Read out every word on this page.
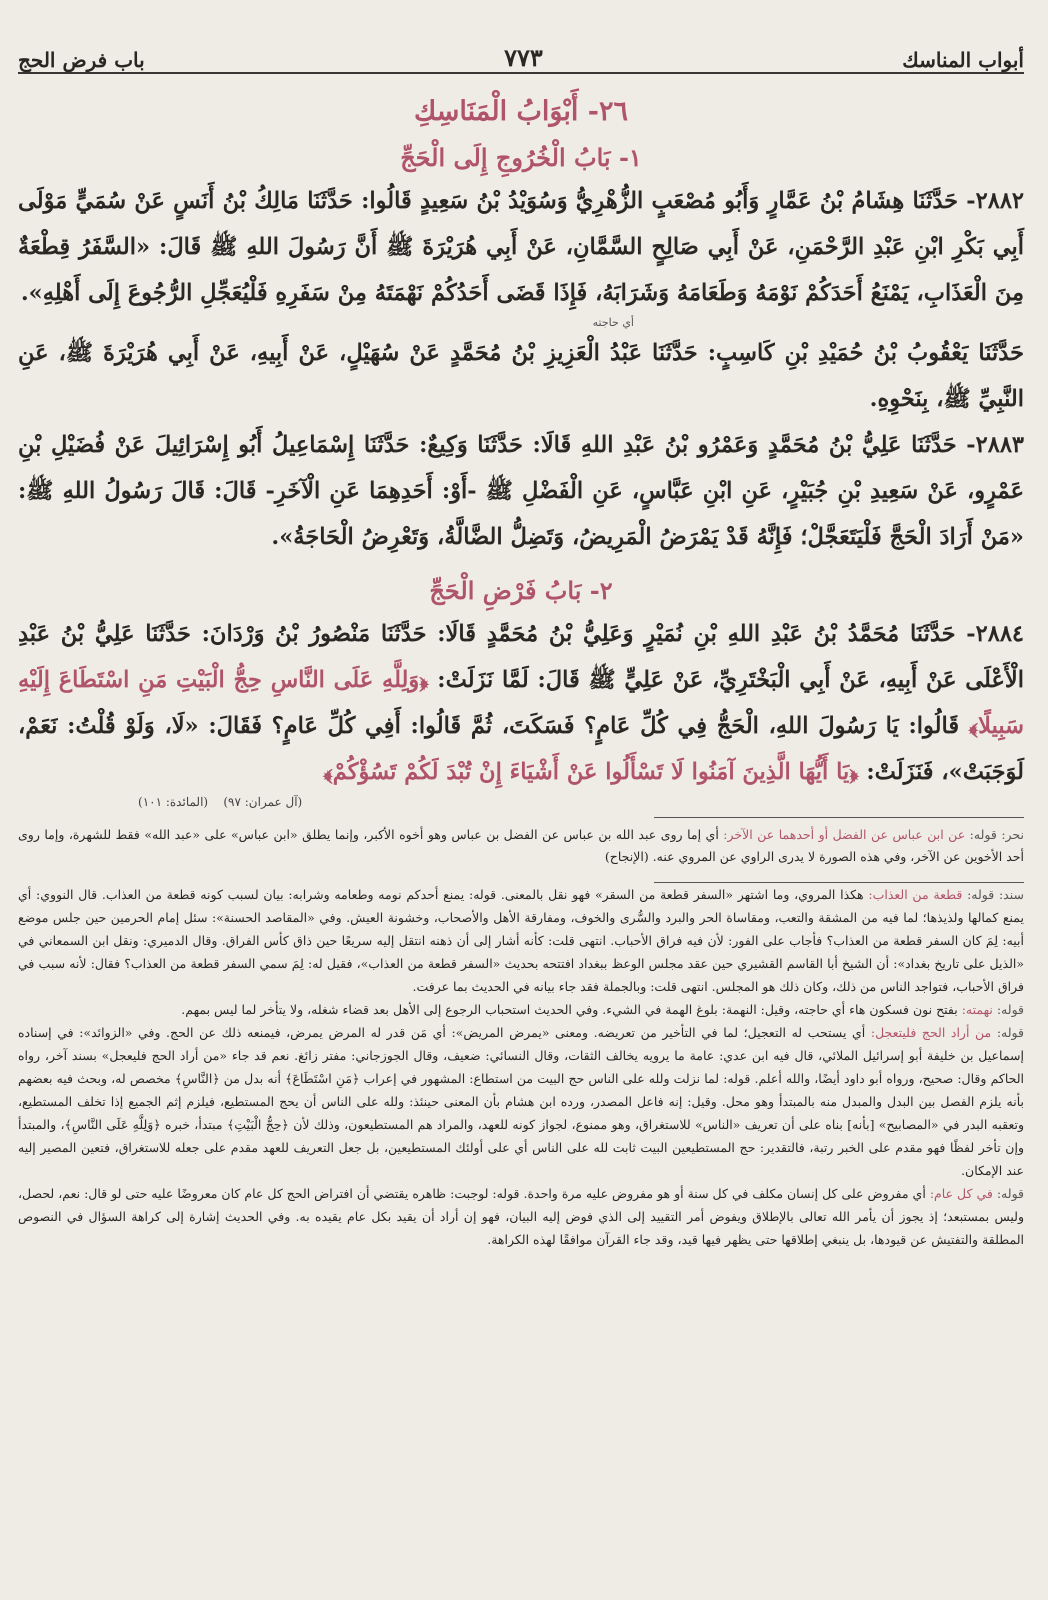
أبواب المناسك
٧٧٣
باب فرض الحج
٢٦- أَبْوَابُ الْمَنَاسِكِ
١- بَابُ الْخُرُوجِ إِلَى الْحَجِّ

٢٨٨٢- حَدَّثَنَا هِشَامُ بْنُ عَمَّارٍ وَأَبُو مُصْعَبٍ الزُّهْرِيُّ وَسُوَيْدُ بْنُ سَعِيدٍ قَالُوا: حَدَّثَنَا مَالِكُ بْنُ أَنَسٍ عَنْ سُمَيٍّ مَوْلَى أَبِي بَكْرِ ابْنِ عَبْدِ الرَّحْمَنِ، عَنْ أَبِي صَالِحٍ السَّمَّانِ، عَنْ أَبِي هُرَيْرَةَ ﷺ أَنَّ رَسُولَ اللهِ ﷺ قَالَ: «السَّفَرُ قِطْعَةٌ مِنَ الْعَذَابِ، يَمْنَعُ أَحَدَكُمْ نَوْمَهُ وَطَعَامَهُ وَشَرَابَهُ، فَإِذَا قَضَى أَحَدُكُمْ نَهْمَتَهُ مِنْ سَفَرِهِ فَلْيُعَجِّلِ الرُّجُوعَ إِلَى أَهْلِهِ».

أي حاجته

حَدَّثَنَا يَعْقُوبُ بْنُ حُمَيْدِ بْنِ كَاسِبٍ: حَدَّثَنَا عَبْدُ الْعَزِيزِ بْنُ مُحَمَّدٍ عَنْ سُهَيْلٍ، عَنْ أَبِيهِ، عَنْ أَبِي هُرَيْرَةَ ﷺ، عَنِ النَّبِيِّ ﷺ، بِنَحْوِهِ.

٢٨٨٣- حَدَّثَنَا عَلِيُّ بْنُ مُحَمَّدٍ وَعَمْرُو بْنُ عَبْدِ اللهِ قَالَا: حَدَّثَنَا وَكِيعٌ: حَدَّثَنَا إِسْمَاعِيلُ أَبُو إِسْرَائِيلَ عَنْ فُضَيْلِ بْنِ عَمْرٍو، عَنْ سَعِيدِ بْنِ جُبَيْرٍ، عَنِ ابْنِ عَبَّاسٍ، عَنِ الْفَضْلِ ﷺ -أَوْ: أَحَدِهِمَا عَنِ الْآخَرِ- قَالَ: قَالَ رَسُولُ اللهِ ﷺ: «مَنْ أَرَادَ الْحَجَّ فَلْيَتَعَجَّلْ؛ فَإِنَّهُ قَدْ يَمْرَضُ الْمَرِيضُ، وَتَضِلُّ الضَّالَّةُ، وَتَعْرِضُ الْحَاجَةُ».

٢- بَابُ فَرْضِ الْحَجِّ

٢٨٨٤- حَدَّثَنَا مُحَمَّدُ بْنُ عَبْدِ اللهِ بْنِ نُمَيْرٍ وَعَلِيُّ بْنُ مُحَمَّدٍ قَالَا: حَدَّثَنَا مَنْصُورُ بْنُ وَرْدَانَ: حَدَّثَنَا عَلِيُّ بْنُ عَبْدِ الْأَعْلَى عَنْ أَبِيهِ، عَنْ أَبِي الْبَخْتَرِيِّ، عَنْ عَلِيٍّ ﷺ قَالَ: لَمَّا نَزَلَتْ: ﴿وَلِلَّهِ عَلَى النَّاسِ حِجُّ الْبَيْتِ مَنِ اسْتَطَاعَ إِلَيْهِ سَبِيلًا﴾ قَالُوا: يَا رَسُولَ اللهِ، الْحَجُّ فِي كُلِّ عَامٍ؟ فَسَكَتَ، ثُمَّ قَالُوا: أَفِي كُلِّ عَامٍ؟ فَقَالَ: «لَا، وَلَوْ قُلْتُ: نَعَمْ، لَوَجَبَتْ»، فَنَزَلَتْ: ﴿يَا أَيُّهَا الَّذِينَ آمَنُوا لَا تَسْأَلُوا عَنْ أَشْيَاءَ إِنْ تُبْدَ لَكُمْ تَسُؤْكُمْ﴾

(آل عمران: ٩٧)    (المائدة: ١٠١)

نحر: قوله: عن ابن عباس عن الفضل أو أحدهما عن الآخر: أي إما روى عبد الله بن عباس عن الفضل بن عباس وهو أخوه الأكبر، وإنما يطلق «ابن عباس» على «عبد الله» فقط للشهرة، وإما روى أحد الأخوين عن الآخر، وفي هذه الصورة لا يدرى الراوي عن المروي عنه. (الإنجاح)

سند: قوله: قطعة من العذاب: هكذا المروي، وما اشتهر «السفر قطعة من السقر» فهو نقل بالمعنى. قوله: يمنع أحدكم نومه وطعامه وشرابه: بيان لسبب كونه قطعة من العذاب. قال النووي: أي يمنع كمالها ولذيذها؛ لما فيه من المشقة والتعب، ومقاساة الحر والبرد والسُّرى والخوف، ومفارقة الأهل والأصحاب، وخشونة العيش. وفي «المقاصد الحسنة»: سئل إمام الحرمين حين جلس موضع أبيه: لِمَ كان السفر قطعة من العذاب؟ فأجاب على الفور: لأن فيه فراق الأحباب. انتهى قلت: كأنه أشار إلى أن ذهنه انتقل إليه سريعًا حين ذاق كأس الفراق. وقال الدميري: ونقل ابن السمعاني في «الذيل على تاريخ بغداد»: أن الشيخ أبا القاسم القشيري حين عقد مجلس الوعظ ببغداد افتتحه بحديث «السفر قطعة من العذاب»، فقيل له: لِمَ سمي السفر قطعة من العذاب؟ فقال: لأنه سبب في فراق الأحباب، فتواجد الناس من ذلك، وكان ذلك هو المجلس. انتهى قلت: وبالجملة فقد جاء بيانه في الحديث بما عرفت.

قوله: نهمته: بفتح نون فسكون هاء أي حاجته، وقيل: النهمة: بلوغ الهمة في الشيء. وفي الحديث استحباب الرجوع إلى الأهل بعد قضاء شغله، ولا يتأخر لما ليس بمهم.

قوله: من أراد الحج فليتعجل: أي يستحب له التعجيل؛ لما في التأخير من تعريضه. ومعنى «يمرض المريض»: أي مَن قدر له المرض يمرض، فيمنعه ذلك عن الحج. وفي «الزوائد»: في إسناده إسماعيل بن خليفة أبو إسرائيل الملائي، قال فيه ابن عدي: عامة ما يرويه يخالف الثقات، وقال النسائي: ضعيف، وقال الجوزجاني: مفتر زائغ. نعم قد جاء «من أراد الحج فليعجل» بسند آخر، رواه الحاكم وقال: صحيح، ورواه أبو داود أيضًا، والله أعلم. قوله: لما نزلت ولله على الناس حج البيت من استطاع: المشهور في إعراب ﴿مَنِ اسْتَطَاعَ﴾ أنه بدل من ﴿النَّاسِ﴾ مخصص له، وبحث فيه بعضهم بأنه يلزم الفصل بين البدل والمبدل منه بالمبتدأ وهو محل. وقيل: إنه فاعل المصدر، ورده ابن هشام بأن المعنى حينئذ: ولله على الناس أن يحج المستطيع، فيلزم إثم الجميع إذا تخلف المستطيع، وتعقبه البدر في «المصابيح» [بأنه] بناه على أن تعريف «الناس» للاستغراق، وهو ممنوع، لجواز كونه للعهد، والمراد هم المستطيعون، وذلك لأن ﴿حِجُّ الْبَيْتِ﴾ مبتدأ، خبره ﴿وَلِلَّهِ عَلَى النَّاسِ﴾، والمبتدأ وإن تأخر لفظًا فهو مقدم على الخبر رتبة، فالتقدير: حج المستطيعين البيت ثابت لله على الناس أي على أولئك المستطيعين، بل جعل التعريف للعهد مقدم على جعله للاستغراق، فتعين المصير إليه عند الإمكان.

قوله: في كل عام: أي مفروض على كل إنسان مكلف في كل سنة أو هو مفروض عليه مرة واحدة. قوله: لوجبت: ظاهره يقتضي أن افتراض الحج كل عام كان معروضًا عليه حتى لو قال: نعم، لحصل، وليس بمستبعد؛ إذ يجوز أن يأمر الله تعالى بالإطلاق ويفوض أمر التقييد إلى الذي فوض إليه البيان، فهو إن أراد أن يقيد بكل عام يقيده به. وفي الحديث إشارة إلى كراهة السؤال في النصوص المطلقة والتفتيش عن قيودها، بل ينبغي إطلاقها حتى يظهر فيها قيد، وقد جاء القرآن موافقًا لهذه الكراهة.
